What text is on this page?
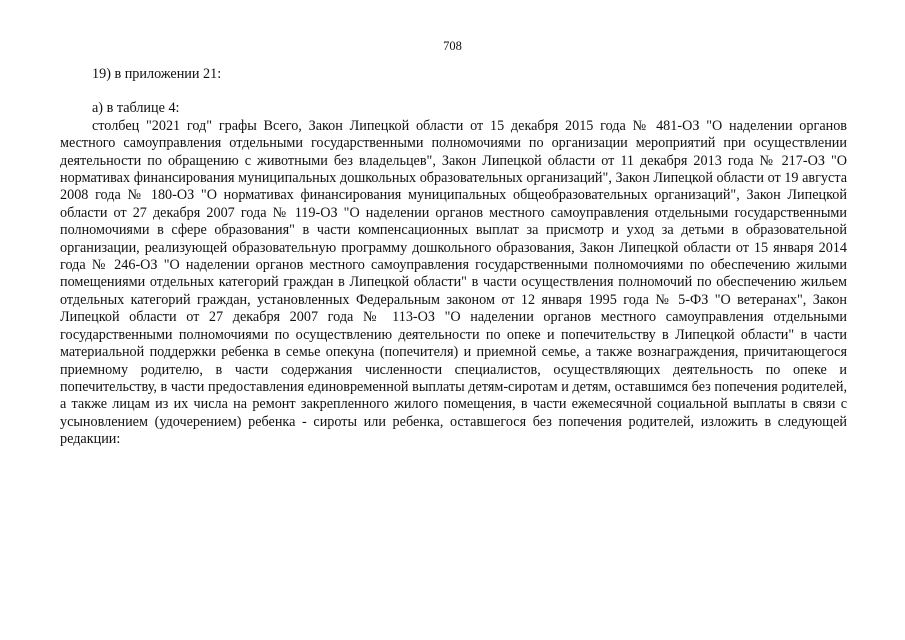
708

19) в приложении 21:

а) в таблице 4:

столбец "2021 год" графы Всего, Закон Липецкой области от 15 декабря 2015 года № 481-ОЗ "О наделении органов местного самоуправления отдельными государственными полномочиями по организации мероприятий при осуществлении деятельности по обращению с животными без владельцев", Закон Липецкой области от 11 декабря 2013 года № 217-ОЗ "О нормативах финансирования муниципальных дошкольных образовательных организаций", Закон Липецкой области от 19 августа 2008 года № 180-ОЗ "О нормативах финансирования муниципальных общеобразовательных организаций", Закон Липецкой области от 27 декабря 2007 года № 119-ОЗ "О наделении органов местного самоуправления отдельными государственными полномочиями в сфере образования" в части компенсационных выплат за присмотр и уход за детьми в образовательной организации, реализующей образовательную программу дошкольного образования, Закон Липецкой области от 15 января 2014 года № 246-ОЗ "О наделении органов местного самоуправления государственными полномочиями по обеспечению жилыми помещениями отдельных категорий граждан в Липецкой области" в части осуществления полномочий по обеспечению жильем отдельных категорий граждан, установленных Федеральным законом от 12 января 1995 года № 5-ФЗ "О ветеранах", Закон Липецкой области от 27 декабря 2007 года № 113-ОЗ "О наделении органов местного самоуправления отдельными государственными полномочиями по осуществлению деятельности по опеке и попечительству в Липецкой области" в части материальной поддержки ребенка в семье опекуна (попечителя) и приемной семье, а также вознаграждения, причитающегося приемному родителю, в части содержания численности специалистов, осуществляющих деятельность по опеке и попечительству, в части предоставления единовременной выплаты детям-сиротам и детям, оставшимся без попечения родителей, а также лицам из их числа на ремонт закрепленного жилого помещения, в части ежемесячной социальной выплаты в связи с усыновлением (удочерением) ребенка - сироты или ребенка, оставшегося без попечения родителей, изложить в следующей редакции:
